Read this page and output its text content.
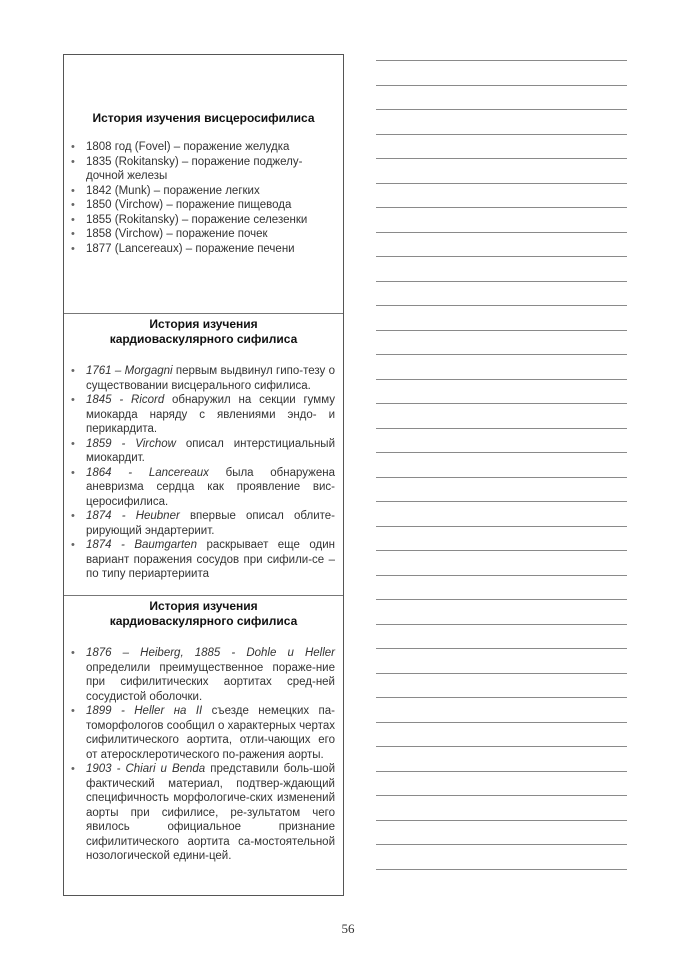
История изучения висцеросифилиса

• 1808 год (Fovel) – поражение желудка
• 1835 (Rokitansky) – поражение поджелу-дочной железы
• 1842 (Munk) – поражение легких
• 1850 (Virchow) – поражение пищевода
• 1855 (Rokitansky) – поражение селезенки
• 1858 (Virchow) – поражение почек
• 1877 (Lancereaux) – поражение печени

История изучения
кардиоваскулярного сифилиса

• 1761 – Morgagni первым выдвинул гипо-тезу о существовании висцерального сифилиса.
• 1845 - Ricord обнаружил на секции гумму миокарда наряду с явлениями эндо- и перикардита.
• 1859 - Virchow описал интерстициальный миокардит.
• 1864 - Lancereaux была обнаружена аневризма сердца как проявление вис-церосифилиса.
• 1874 - Heubner впервые описал облите-рирующий эндартериит.
• 1874 - Baumgarten раскрывает еще один вариант поражения сосудов при сифили-се – по типу периартериита

История изучения
кардиоваскулярного сифилиса

• 1876 – Heiberg, 1885 - Dohle и Heller определили преимущественное пораже-ние при сифилитических аортитах сред-ней сосудистой оболочки.
• 1899 - Heller на II съезде немецких па-томорфологов сообщил о характерных чертах сифилитического аортита, отли-чающих его от атеросклеротического по-ражения аорты.
• 1903 - Chiari и Benda представили боль-шой фактический материал, подтвер-ждающий специфичность морфологиче-ских изменений аорты при сифилисе, ре-зультатом чего явилось официальное признание сифилитического аортита са-мостоятельной нозологической едини-цей.
56
